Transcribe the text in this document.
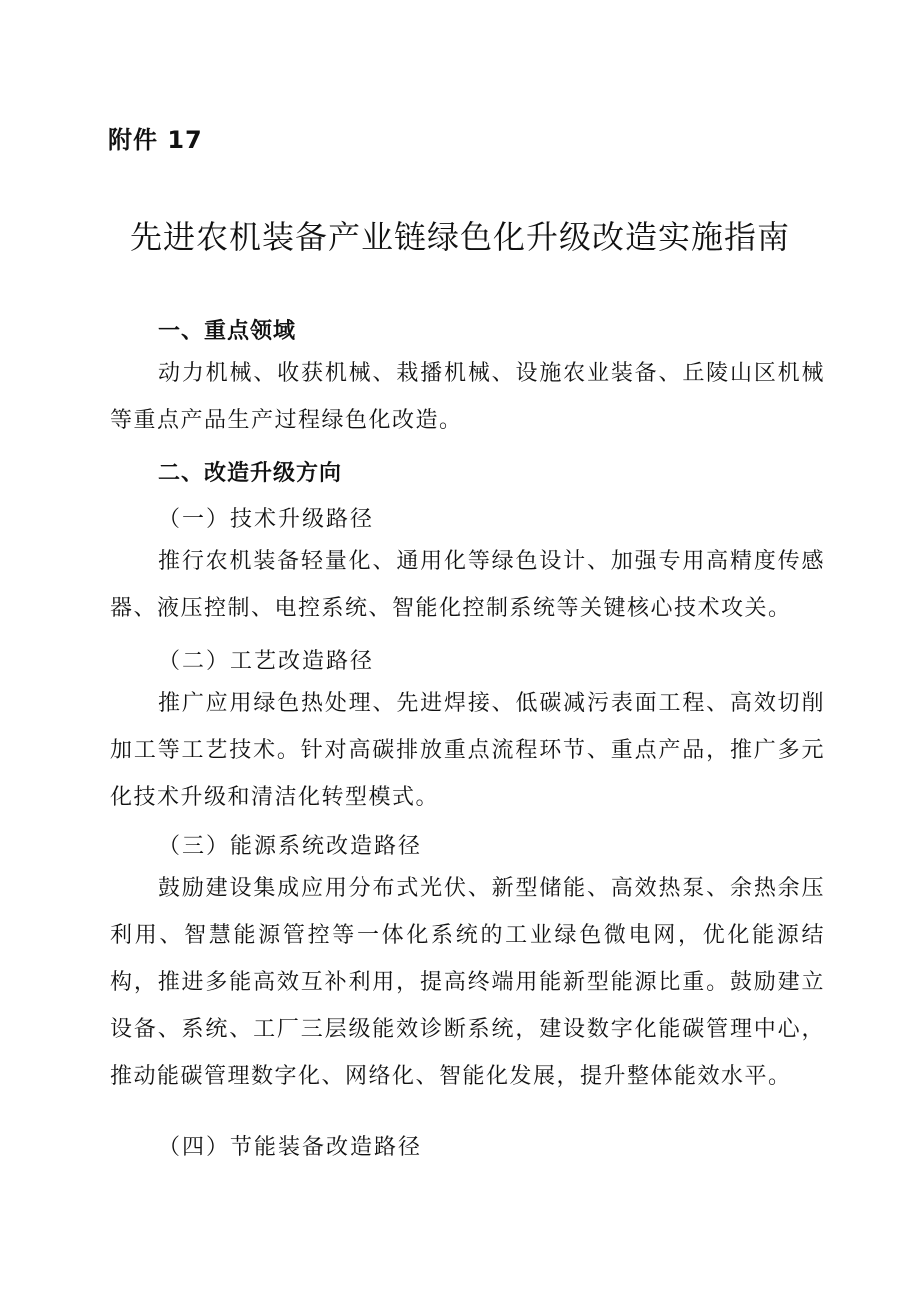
附件 17
先进农机装备产业链绿色化升级改造实施指南
一、重点领域

动力机械、收获机械、栽播机械、设施农业装备、丘陵山区机械等重点产品生产过程绿色化改造。

二、改造升级方向
（一）技术升级路径

推行农机装备轻量化、通用化等绿色设计、加强专用高精度传感器、液压控制、电控系统、智能化控制系统等关键核心技术攻关。

（二）工艺改造路径

推广应用绿色热处理、先进焊接、低碳减污表面工程、高效切削加工等工艺技术。针对高碳排放重点流程环节、重点产品，推广多元化技术升级和清洁化转型模式。

（三）能源系统改造路径

鼓励建设集成应用分布式光伏、新型储能、高效热泵、余热余压利用、智慧能源管控等一体化系统的工业绿色微电网，优化能源结构，推进多能高效互补利用，提高终端用能新型能源比重。鼓励建立设备、系统、工厂三层级能效诊断系统，建设数字化能碳管理中心，推动能碳管理数字化、网络化、智能化发展，提升整体能效水平。

（四）节能装备改造路径
